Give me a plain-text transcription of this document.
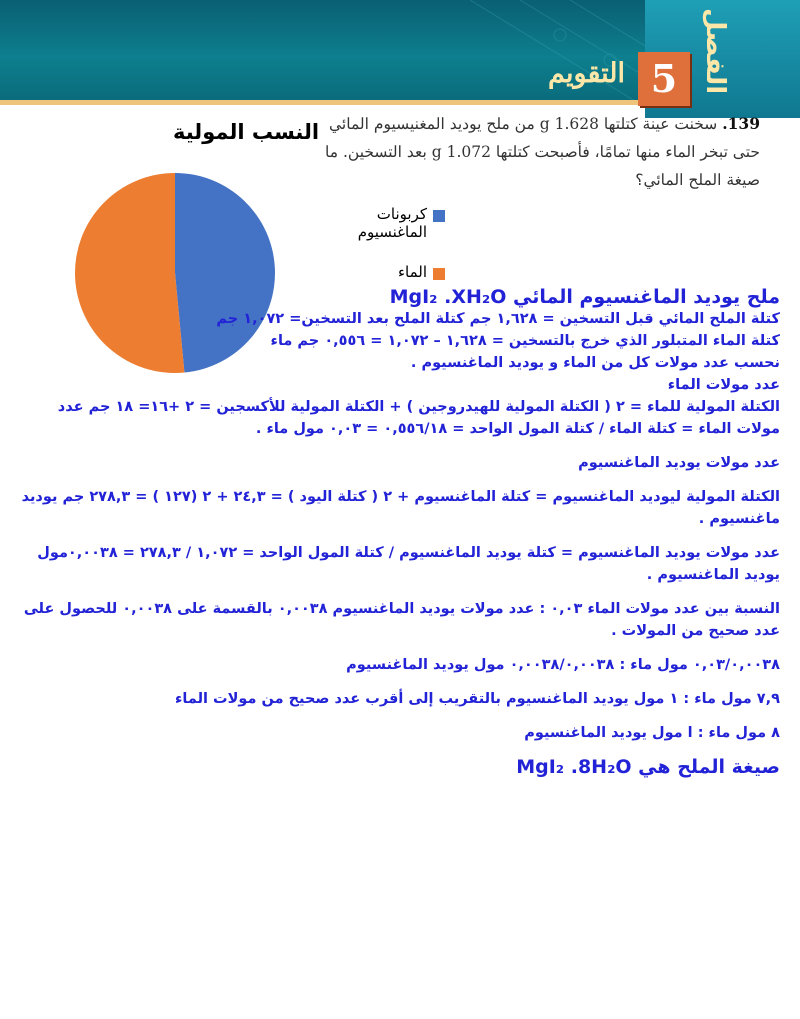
الفصل
5
التقويم
139. سخنت عينة كتلتها 1.628 g من ملح يوديد المغنيسيوم المائي حتى تبخر الماء منها تمامًا، فأصبحت كتلتها 1.072 g بعد التسخين. ما صيغة الملح المائي؟
النسب المولية
كربونات الماغنسيوم
الماء

ملح يوديد الماغنسيوم المائي MgI₂ .XH₂O

كتلة الملح المائي قبل التسخين = ١,٦٢٨ جم كتلة الملح بعد التسخين= ١,٠٧٢ جم

كتلة الماء المتبلور الذي خرج بالتسخين = ١,٦٢٨ – ١,٠٧٢ = ٠,٥٥٦ جم ماء

نحسب عدد مولات كل من الماء و يوديد الماغنسيوم .

عدد مولات الماء

الكتلة المولية للماء = ٢ ( الكتلة المولية للهيدروجين ) + الكتلة المولية للأكسجين = ٢ +١٦= ١٨ جم عدد مولات الماء = كتلة الماء / كتلة المول الواحد = ٠,٥٥٦/١٨ = ٠,٠٣ مول ماء .

عدد مولات يوديد الماغنسيوم

الكتلة المولية ليوديد الماغنسيوم = كتلة الماغنسيوم + ٢ ( كتلة اليود ) = ٢٤,٣ + ٢ (١٢٧ ) = ٢٧٨,٣ جم يوديد ماغنسيوم .

عدد مولات يوديد الماغنسيوم = كتلة يوديد الماغنسيوم / كتلة المول الواحد = ١,٠٧٢ / ٢٧٨,٣ = ٠,٠٠٣٨مول يوديد الماغنسيوم .

النسبة بين عدد مولات الماء ٠,٠٣ : عدد مولات يوديد الماغنسيوم ٠,٠٠٣٨ بالقسمة على ٠,٠٠٣٨ للحصول على عدد صحيح من المولات .

٠,٠٣/٠,٠٠٣٨ مول ماء : ٠,٠٠٣٨/٠,٠٠٣٨ مول يوديد الماغنسيوم

٧,٩ مول ماء : ١ مول يوديد الماغنسيوم بالتقريب إلى أقرب عدد صحيح من مولات الماء

٨ مول ماء : ا مول يوديد الماغنسيوم

صيغة الملح هي MgI₂ .8H₂O
